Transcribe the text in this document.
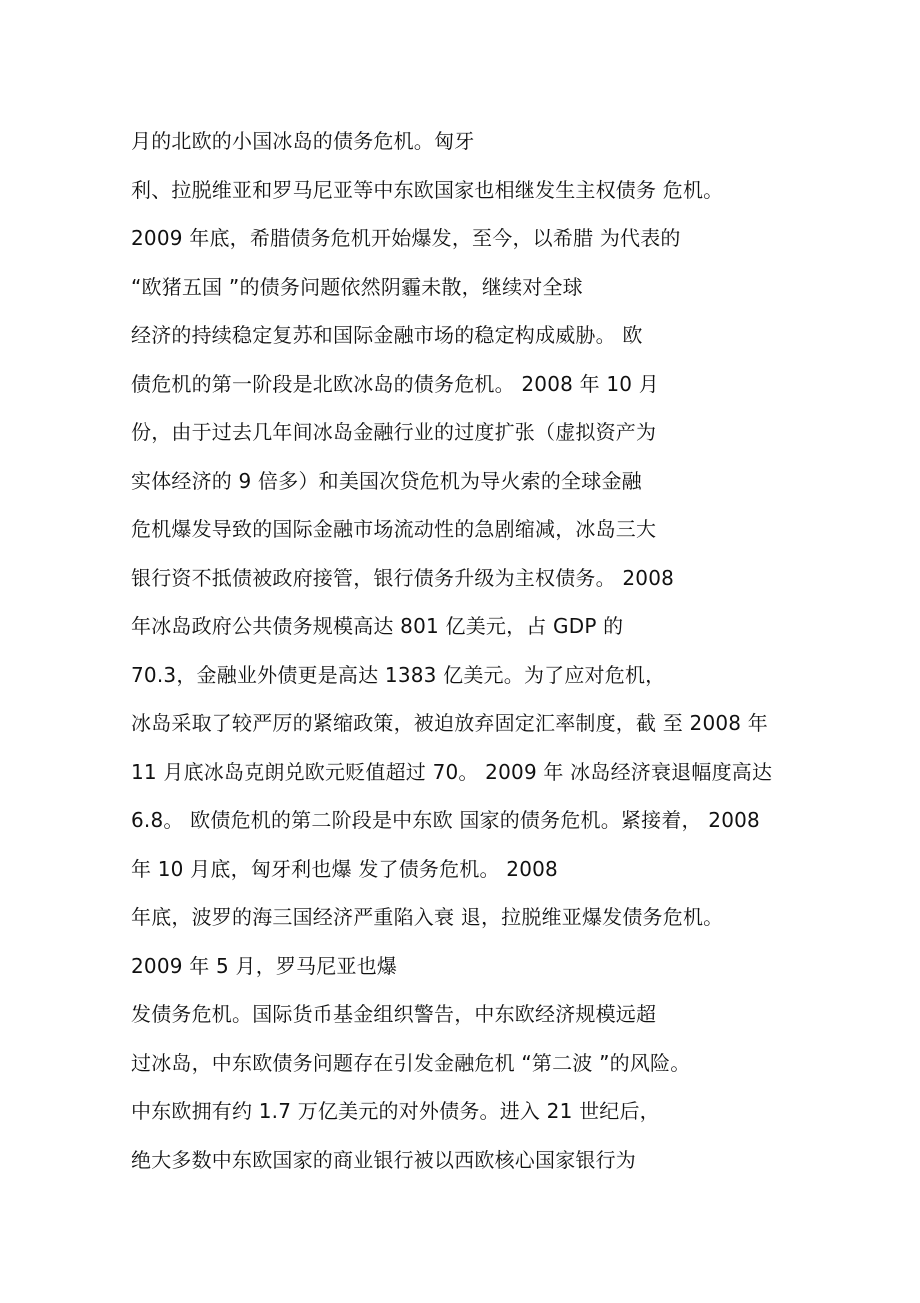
月的北欧的小国冰岛的债务危机。匈牙
利、拉脱维亚和罗马尼亚等中东欧国家也相继发生主权债务 危机。
2009 年底，希腊债务危机开始爆发，至今，以希腊 为代表的
“欧猪五国 ”的债务问题依然阴霾未散，继续对全球
经济的持续稳定复苏和国际金融市场的稳定构成威胁。 欧
债危机的第一阶段是北欧冰岛的债务危机。 2008 年 10 月
份，由于过去几年间冰岛金融行业的过度扩张（虚拟资产为
实体经济的 9 倍多）和美国次贷危机为导火索的全球金融
危机爆发导致的国际金融市场流动性的急剧缩减，冰岛三大
银行资不抵债被政府接管，银行债务升级为主权债务。 2008
年冰岛政府公共债务规模高达 801 亿美元，占 GDP 的
70.3，金融业外债更是高达 1383 亿美元。为了应对危机，
冰岛采取了较严厉的紧缩政策，被迫放弃固定汇率制度，截 至 2008 年
11 月底冰岛克朗兑欧元贬值超过 70。 2009 年 冰岛经济衰退幅度高达
6.8。 欧债危机的第二阶段是中东欧 国家的债务危机。紧接着， 2008
年 10 月底，匈牙利也爆 发了债务危机。 2008
年底，波罗的海三国经济严重陷入衰 退，拉脱维亚爆发债务危机。
2009 年 5 月，罗马尼亚也爆
发债务危机。国际货币基金组织警告，中东欧经济规模远超
过冰岛，中东欧债务问题存在引发金融危机 “第二波 ”的风险。
中东欧拥有约 1.7 万亿美元的对外债务。进入 21 世纪后，
绝大多数中东欧国家的商业银行被以西欧核心国家银行为
